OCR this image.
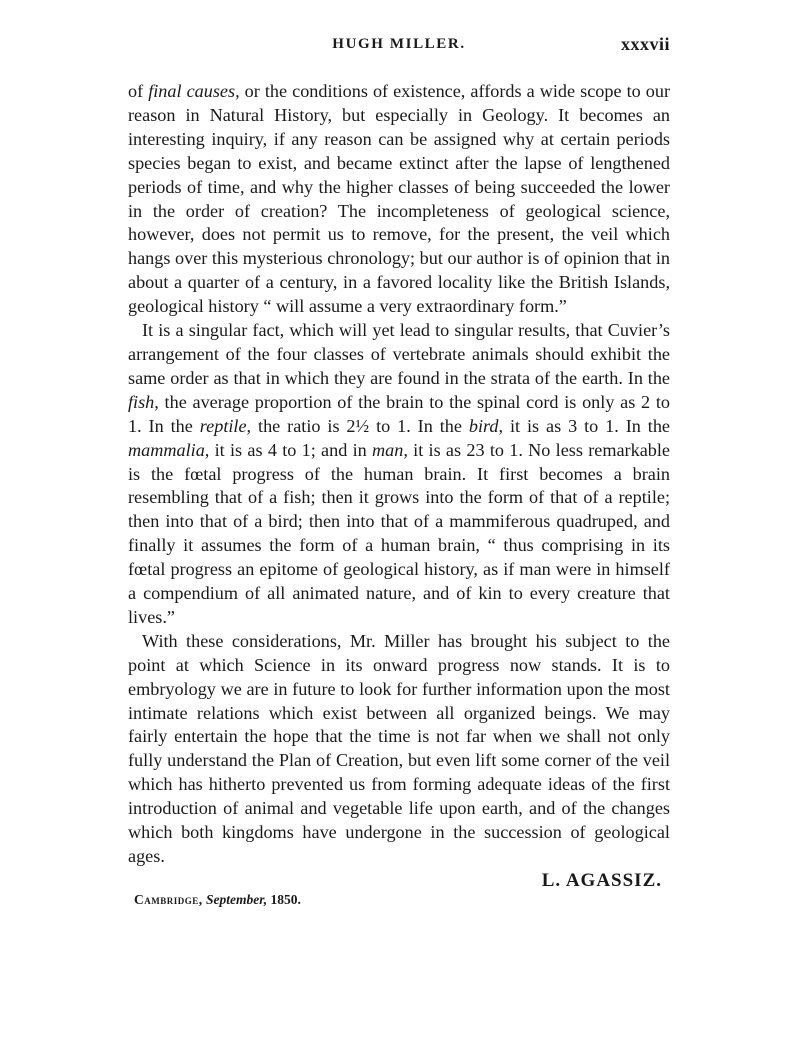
HUGH MILLER.	xxxvii

of final causes, or the conditions of existence, affords a wide scope to our reason in Natural History, but especially in Geology. It becomes an interesting inquiry, if any reason can be assigned why at certain periods species began to exist, and became extinct after the lapse of lengthened periods of time, and why the higher classes of being succeeded the lower in the order of creation? The incompleteness of geological science, however, does not permit us to remove, for the present, the veil which hangs over this mysterious chronology; but our author is of opinion that in about a quarter of a century, in a favored locality like the British Islands, geological history “ will assume a very extraordinary form.”

It is a singular fact, which will yet lead to singular results, that Cuvier’s arrangement of the four classes of vertebrate animals should exhibit the same order as that in which they are found in the strata of the earth. In the fish, the average proportion of the brain to the spinal cord is only as 2 to 1. In the reptile, the ratio is 2½ to 1. In the bird, it is as 3 to 1. In the mammalia, it is as 4 to 1; and in man, it is as 23 to 1. No less remarkable is the fœtal progress of the human brain. It first becomes a brain resembling that of a fish; then it grows into the form of that of a reptile; then into that of a bird; then into that of a mammiferous quadruped, and finally it assumes the form of a human brain, “ thus comprising in its fœtal progress an epitome of geological history, as if man were in himself a compendium of all animated nature, and of kin to every creature that lives.”

With these considerations, Mr. Miller has brought his subject to the point at which Science in its onward progress now stands. It is to embryology we are in future to look for further information upon the most intimate relations which exist between all organized beings. We may fairly entertain the hope that the time is not far when we shall not only fully understand the Plan of Creation, but even lift some corner of the veil which has hitherto prevented us from forming adequate ideas of the first introduction of animal and vegetable life upon earth, and of the changes which both kingdoms have undergone in the succession of geological ages.

L. AGASSIZ.
Cambridge, September, 1850.
